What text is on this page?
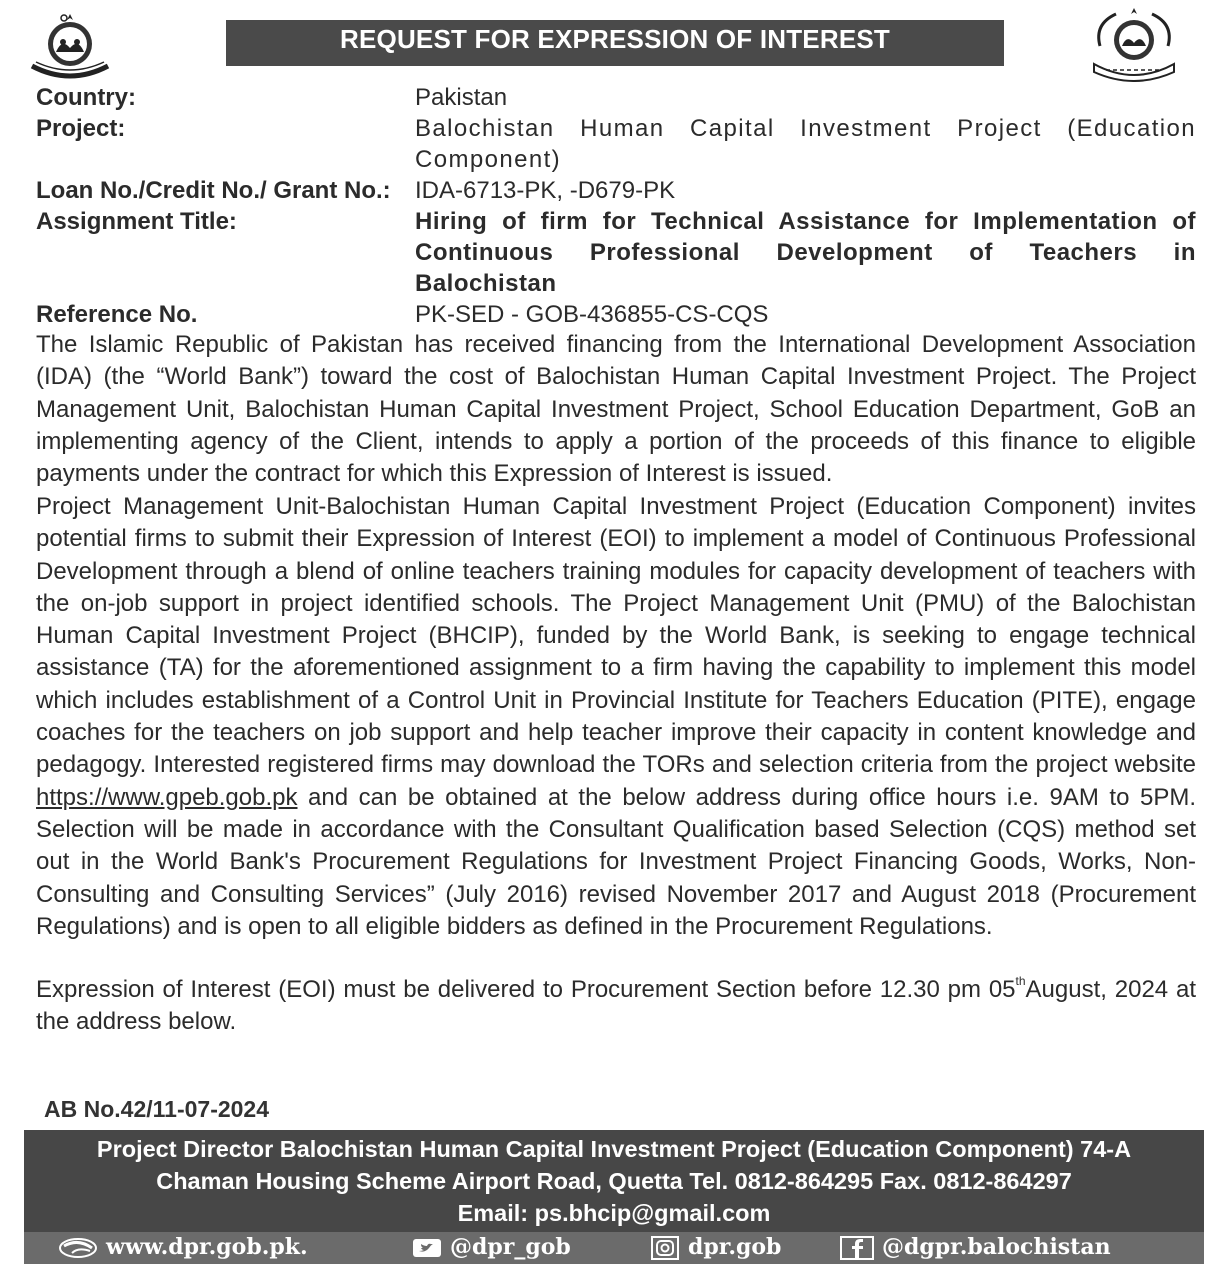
REQUEST FOR EXPRESSION OF INTEREST
Country:	Pakistan
Project:	Balochistan Human Capital Investment Project (Education Component)
Loan No./Credit No./ Grant No.: IDA-6713-PK, -D679-PK
Assignment Title:	Hiring of firm for Technical Assistance for Implementation of Continuous Professional Development of Teachers in Balochistan
Reference No.	PK-SED - GOB-436855-CS-CQS

The Islamic Republic of Pakistan has received financing from the International Development Association (IDA) (the “World Bank”) toward the cost of Balochistan Human Capital Investment Project. The Project Management Unit, Balochistan Human Capital Investment Project, School Education Department, GoB an implementing agency of the Client, intends to apply a portion of the proceeds of this finance to eligible payments under the contract for which this Expression of Interest is issued.

Project Management Unit-Balochistan Human Capital Investment Project (Education Component) invites potential firms to submit their Expression of Interest (EOI) to implement a model of Continuous Professional Development through a blend of online teachers training modules for capacity development of teachers with the on-job support in project identified schools. The Project Management Unit (PMU) of the Balochistan Human Capital Investment Project (BHCIP), funded by the World Bank, is seeking to engage technical assistance (TA) for the aforementioned assignment to a firm having the capability to implement this model which includes establishment of a Control Unit in Provincial Institute for Teachers Education (PITE), engage coaches for the teachers on job support and help teacher improve their capacity in content knowledge and pedagogy. Interested registered firms may download the TORs and selection criteria from the project website https://www.gpeb.gob.pk and can be obtained at the below address during office hours i.e. 9AM to 5PM. Selection will be made in accordance with the Consultant Qualification based Selection (CQS) method set out in the World Bank's Procurement Regulations for Investment Project Financing Goods, Works, Non-Consulting and Consulting Services” (July 2016) revised November 2017 and August 2018 (Procurement Regulations) and is open to all eligible bidders as defined in the Procurement Regulations.

Expression of Interest (EOI) must be delivered to Procurement Section before 12.30 pm 05thAugust, 2024 at the address below.

AB No.42/11-07-2024
Project Director Balochistan Human Capital Investment Project (Education Component) 74-A
Chaman Housing Scheme Airport Road, Quetta Tel. 0812-864295 Fax. 0812-864297
Email: ps.bhcip@gmail.com
www.dpr.gob.pk.	@dpr_gob	dpr.gob	@dgpr.balochistan
